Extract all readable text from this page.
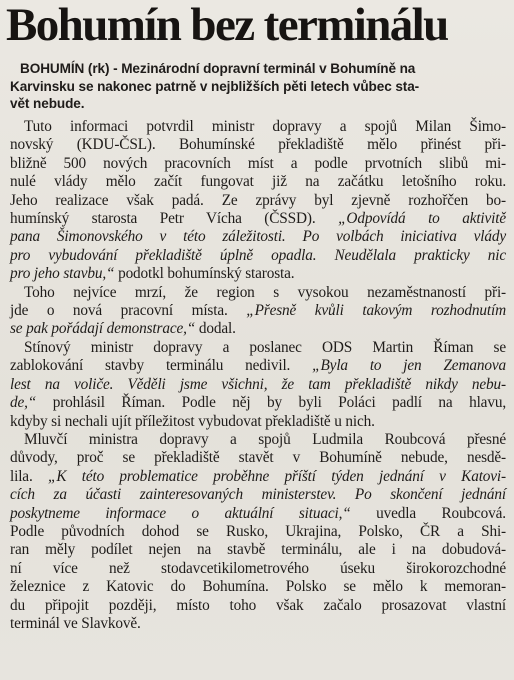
Bohumín bez terminálu
BOHUMÍN (rk) - Mezinárodní dopravní terminál v Bohumíně na
Karvinsku se nakonec patrně v nejbližších pěti letech vůbec sta-
vět nebude.
Tuto informaci potvrdil ministr dopravy a spojů Milan Šimo-
novský (KDU-ČSL). Bohumínské překladiště mělo přinést při-
bližně 500 nových pracovních míst a podle prvotních slibů mi-
nulé vlády mělo začít fungovat již na začátku letošního roku.
Jeho realizace však padá. Ze zprávy byl zjevně rozhořčen bo-
humínský starosta Petr Vícha (ČSSD). „Odpovídá to aktivitě
pana Šimonovského v této záležitosti. Po volbách iniciativa vlády
pro vybudování překladiště úplně opadla. Neudělala prakticky nic
pro jeho stavbu,“ podotkl bohumínský starosta.
Toho nejvíce mrzí, že region s vysokou nezaměstnaností při-
jde o nová pracovní místa. „Přesně kvůli takovým rozhodnutím
se pak pořádají demonstrace,“ dodal.
Stínový ministr dopravy a poslanec ODS Martin Říman se
zablokování stavby terminálu nedivil. „Byla to jen Zemanova
lest na voliče. Věděli jsme všichni, že tam překladiště nikdy nebu-
de,“ prohlásil Říman. Podle něj by byli Poláci padlí na hlavu,
kdyby si nechali ujít příležitost vybudovat překladiště u nich.
Mluvčí ministra dopravy a spojů Ludmila Roubcová přesné
důvody, proč se překladiště stavět v Bohumíně nebude, nesdě-
lila. „K této problematice proběhne příští týden jednání v Katovi-
cích za účasti zainteresovaných ministerstev. Po skončení jednání
poskytneme informace o aktuální situaci,“ uvedla Roubcová.
Podle původních dohod se Rusko, Ukrajina, Polsko, ČR a Shi-
ran měly podílet nejen na stavbě terminálu, ale i na dobudová-
ní více než stodavcetikilometrového úseku širokorozchodné
železnice z Katovic do Bohumína. Polsko se mělo k memoran-
du připojit později, místo toho však začalo prosazovat vlastní
terminál ve Slavkově.
